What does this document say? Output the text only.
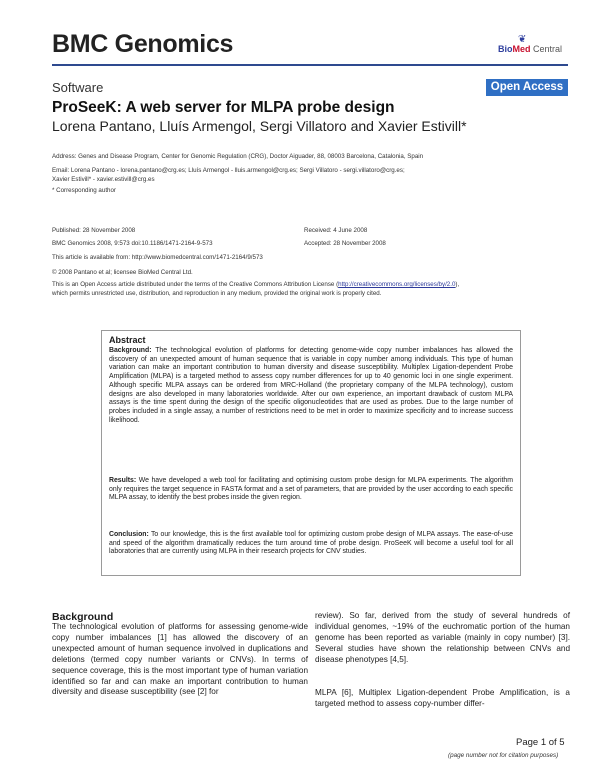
BMC Genomics	❦
BioMed Central
Software	Open Access
ProSeeK: A web server for MLPA probe design
Lorena Pantano, Lluís Armengol, Sergi Villatoro and Xavier Estivill*
Address: Genes and Disease Program, Center for Genomic Regulation (CRG), Doctor Aiguader, 88, 08003 Barcelona, Catalonia, Spain
Email: Lorena Pantano - lorena.pantano@crg.es; Lluís Armengol - lluis.armengol@crg.es; Sergi Villatoro - sergi.villatoro@crg.es;
Xavier Estivill* - xavier.estivill@crg.es
* Corresponding author
Published: 28 November 2008
BMC Genomics 2008, 9:573 doi:10.1186/1471-2164-9-573
Received: 4 June 2008
Accepted: 28 November 2008
This article is available from: http://www.biomedcentral.com/1471-2164/9/573
© 2008 Pantano et al; licensee BioMed Central Ltd.
This is an Open Access article distributed under the terms of the Creative Commons Attribution License (http://creativecommons.org/licenses/by/2.0),
which permits unrestricted use, distribution, and reproduction in any medium, provided the original work is properly cited.
Abstract
Background: The technological evolution of platforms for detecting genome-wide copy number imbalances has allowed the discovery of an unexpected amount of human sequence that is variable in copy number among individuals. This type of human variation can make an important contribution to human diversity and disease susceptibility. Multiplex Ligation-dependent Probe Amplification (MLPA) is a targeted method to assess copy number differences for up to 40 genomic loci in one single experiment. Although specific MLPA assays can be ordered from MRC-Holland (the proprietary company of the MLPA technology), custom designs are also developed in many laboratories worldwide. After our own experience, an important drawback of custom MLPA assays is the time spent during the design of the specific oligonucleotides that are used as probes. Due to the large number of probes included in a single assay, a number of restrictions need to be met in order to maximize specificity and to increase success likelihood.
Results: We have developed a web tool for facilitating and optimising custom probe design for MLPA experiments. The algorithm only requires the target sequence in FASTA format and a set of parameters, that are provided by the user according to each specific MLPA assay, to identify the best probes inside the given region.
Conclusion: To our knowledge, this is the first available tool for optimizing custom probe design of MLPA assays. The ease-of-use and speed of the algorithm dramatically reduces the turn around time of probe design. ProSeeK will become a useful tool for all laboratories that are currently using MLPA in their research projects for CNV studies.
Background
The technological evolution of platforms for assessing genome-wide copy number imbalances [1] has allowed the discovery of an unexpected amount of human sequence involved in duplications and deletions (termed copy number variants or CNVs). In terms of sequence coverage, this is the most important type of human variation identified so far and can make an important contribution to human diversity and disease susceptibility (see [2] for
review). So far, derived from the study of several hundreds of individual genomes, ~19% of the euchromatic portion of the human genome has been reported as variable (mainly in copy number) [3]. Several studies have shown the relationship between CNVs and disease phenotypes [4,5].
MLPA [6], Multiplex Ligation-dependent Probe Amplification, is a targeted method to assess copy-number differ-
Page 1 of 5
(page number not for citation purposes)
